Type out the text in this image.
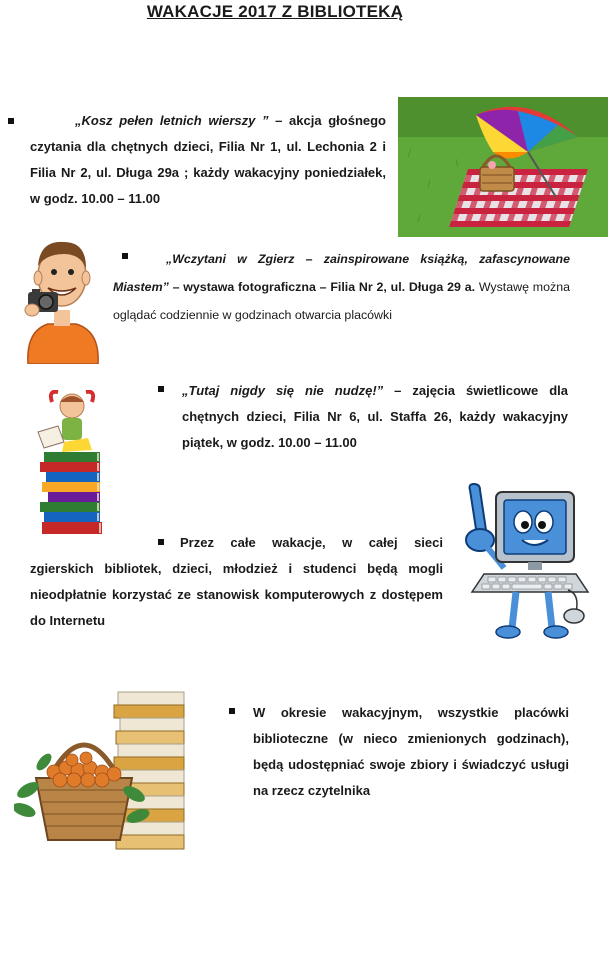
WAKACJE 2017 Z BIBLIOTEKĄ
„Kosz pełen letnich wierszy ” – akcja głośnego czytania dla chętnych dzieci, Filia Nr 1, ul. Lechonia 2 i Filia Nr 2, ul. Długa 29a ; każdy wakacyjny poniedziałek, w godz. 10.00 – 11.00
„Wczytani w Zgierz – zainspirowane książką, zafascynowane Miastem” – wystawa fotograficzna – Filia Nr 2, ul. Długa 29 a. Wystawę można oglądać codziennie w godzinach otwarcia placówki
„Tutaj nigdy się nie nudzę!” – zajęcia świetlicowe dla chętnych dzieci, Filia Nr 6, ul. Staffa 26, każdy wakacyjny piątek, w godz. 10.00 – 11.00
Przez całe wakacje, w całej sieci zgierskich bibliotek, dzieci, młodzież i studenci będą mogli nieodpłatnie korzystać ze stanowisk komputerowych z dostępem do Internetu
W okresie wakacyjnym, wszystkie placówki biblioteczne (w nieco zmienionych godzinach), będą udostępniać swoje zbiory i świadczyć usługi na rzecz czytelnika
